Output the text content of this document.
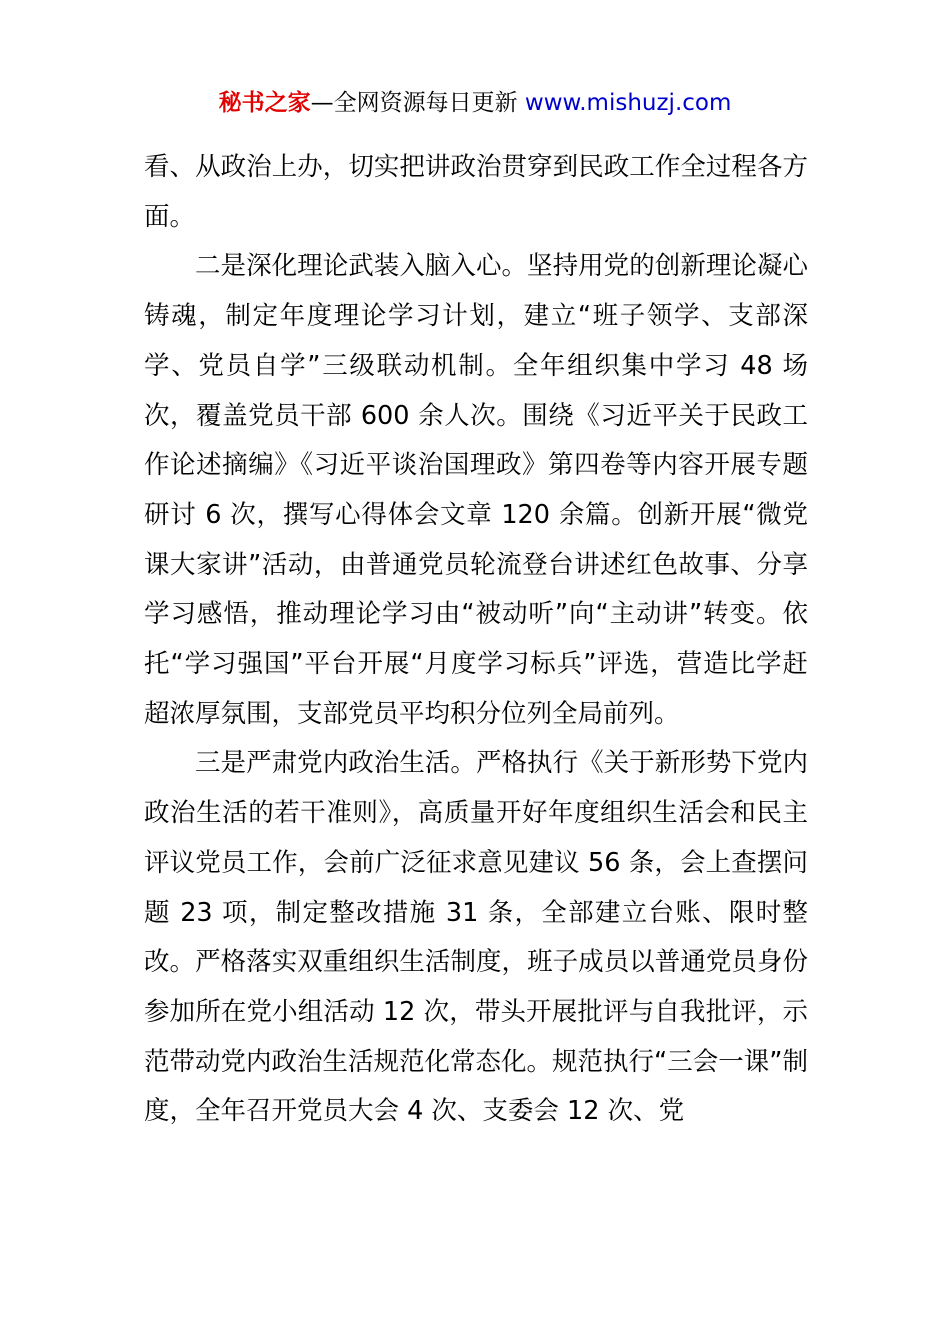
秘书之家—全网资源每日更新 www.mishuzj.com

看、从政治上办，切实把讲政治贯穿到民政工作全过程各方面。

二是深化理论武装入脑入心。坚持用党的创新理论凝心铸魂，制定年度理论学习计划，建立“班子领学、支部深学、党员自学”三级联动机制。全年组织集中学习 48 场次，覆盖党员干部 600 余人次。围绕《习近平关于民政工作论述摘编》《习近平谈治国理政》第四卷等内容开展专题研讨 6 次，撰写心得体会文章 120 余篇。创新开展“微党课大家讲”活动，由普通党员轮流登台讲述红色故事、分享学习感悟，推动理论学习由“被动听”向“主动讲”转变。依托“学习强国”平台开展“月度学习标兵”评选，营造比学赶超浓厚氛围，支部党员平均积分位列全局前列。

三是严肃党内政治生活。严格执行《关于新形势下党内政治生活的若干准则》，高质量开好年度组织生活会和民主评议党员工作，会前广泛征求意见建议 56 条，会上查摆问题 23 项，制定整改措施 31 条，全部建立台账、限时整改。严格落实双重组织生活制度，班子成员以普通党员身份参加所在党小组活动 12 次，带头开展批评与自我批评，示范带动党内政治生活规范化常态化。规范执行“三会一课”制度，全年召开党员大会 4 次、支委会 12 次、党
